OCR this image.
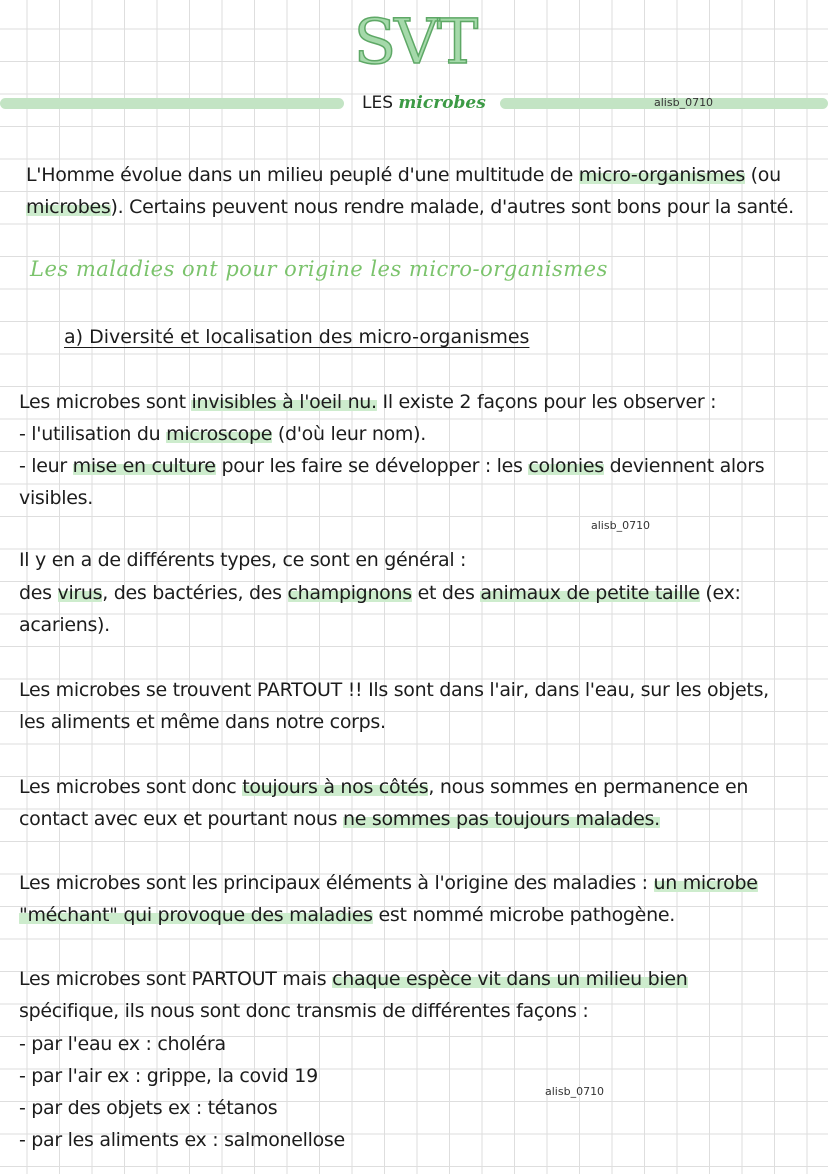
SVT
LES microbes	alisb_0710
L'Homme évolue dans un milieu peuplé d'une multitude de micro-organismes (ou
microbes). Certains peuvent nous rendre malade, d'autres sont bons pour la santé.
Les maladies ont pour origine les micro-organismes
a) Diversité et localisation des micro-organismes
Les microbes sont invisibles à l'oeil nu. Il existe 2 façons pour les observer :
- l'utilisation du microscope (d'où leur nom).
- leur mise en culture pour les faire se développer : les colonies deviennent alors
visibles.
alisb_0710
Il y en a de différents types, ce sont en général :
des virus, des bactéries, des champignons et des animaux de petite taille (ex:
acariens).
Les microbes se trouvent PARTOUT !! Ils sont dans l'air, dans l'eau, sur les objets,
les aliments et même dans notre corps.
Les microbes sont donc toujours à nos côtés, nous sommes en permanence en
contact avec eux et pourtant nous ne sommes pas toujours malades.
Les microbes sont les principaux éléments à l'origine des maladies : un microbe
"méchant" qui provoque des maladies est nommé microbe pathogène.
Les microbes sont PARTOUT mais chaque espèce vit dans un milieu bien
spécifique, ils nous sont donc transmis de différentes façons :
- par l'eau ex : choléra
- par l'air ex : grippe, la covid 19
- par des objets ex : tétanos
- par les aliments ex : salmonellose
alisb_0710
